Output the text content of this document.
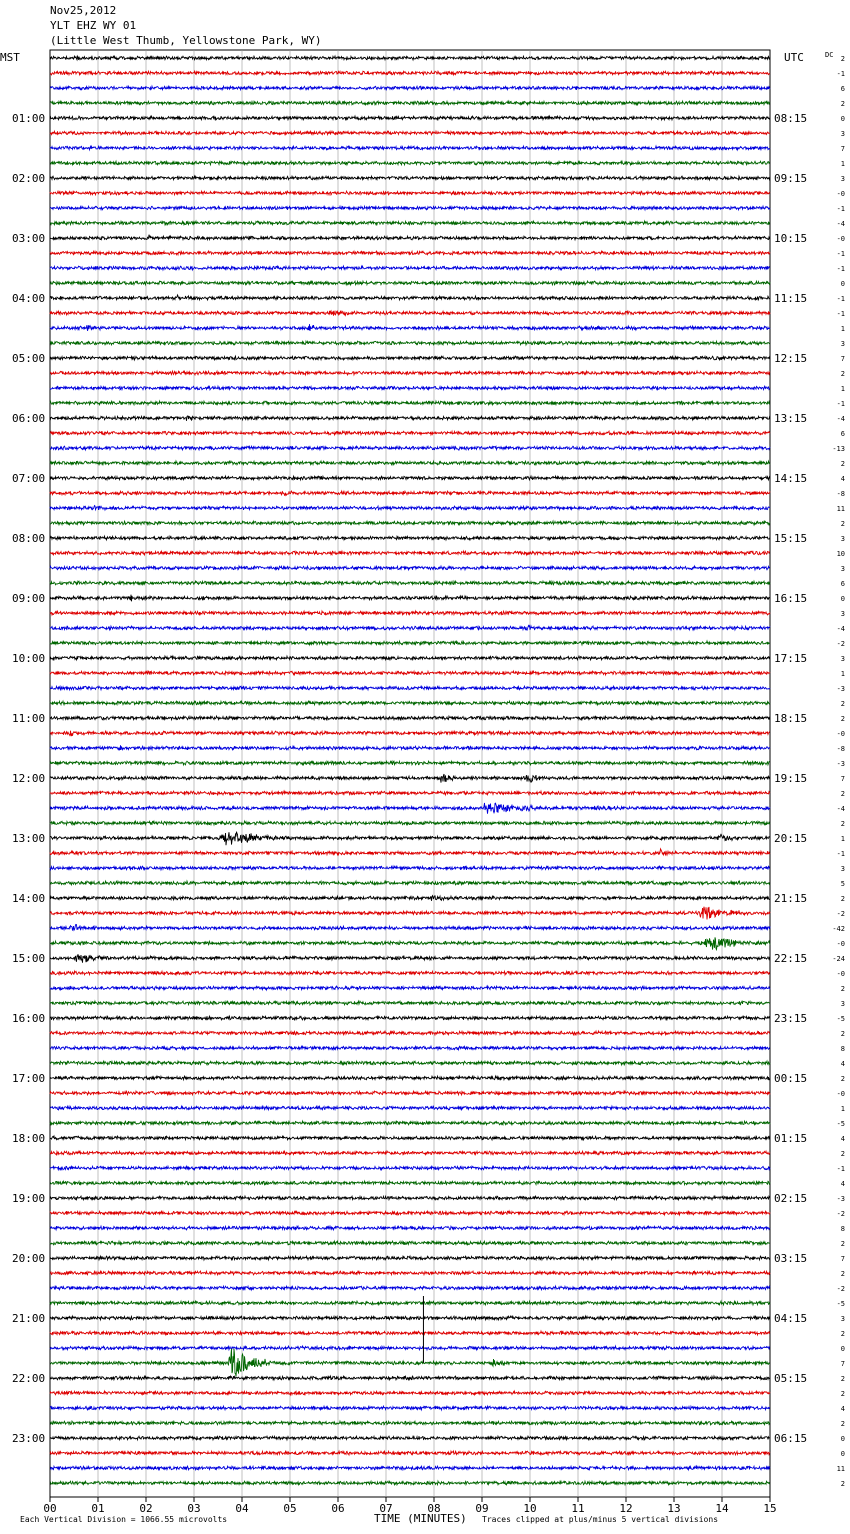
Nov25,2012
YLT EHZ WY 01
(Little West Thumb, Yellowstone Park, WY)
00	01	02	03	04	05	06	07	08	09	10	11	12	13	14	15
MST	UTC	DC
01:00
02:00
03:00
04:00
05:00
06:00
07:00
08:00
09:00
10:00
11:00
12:00
13:00
14:00
15:00
16:00
17:00
18:00
19:00
20:00
21:00
22:00
23:00
08:15
09:15
10:15
11:15
12:15
13:15
14:15
15:15
16:15
17:15
18:15
19:15
20:15
21:15
22:15
23:15
00:15
01:15
02:15
03:15
04:15
05:15
06:15
2
-1
6
2
0
3
7
1
3
-0
-1
-4
-0
-1
-1
0
-1
-1
1
3
7
2
1
-1
-4
6
-13
2
4
-8
11
2
3
10
3
6
0
3
-4
-2
3
1
-3
2
2
-0
-8
-3
7
2
-4
2
1
-1
3
5
2
-2
-42
-0
-24
-0
2
3
-5
2
8
4
2
-0
1
-5
4
2
-1
4
-3
-2
8
2
7
2
-2
-5
3
2
0
7
2
2
4
2
0
0
11
2
Each Vertical Division = 1066.55 microvolts	TIME (MINUTES) Traces clipped at plus/minus 5 vertical divisions
